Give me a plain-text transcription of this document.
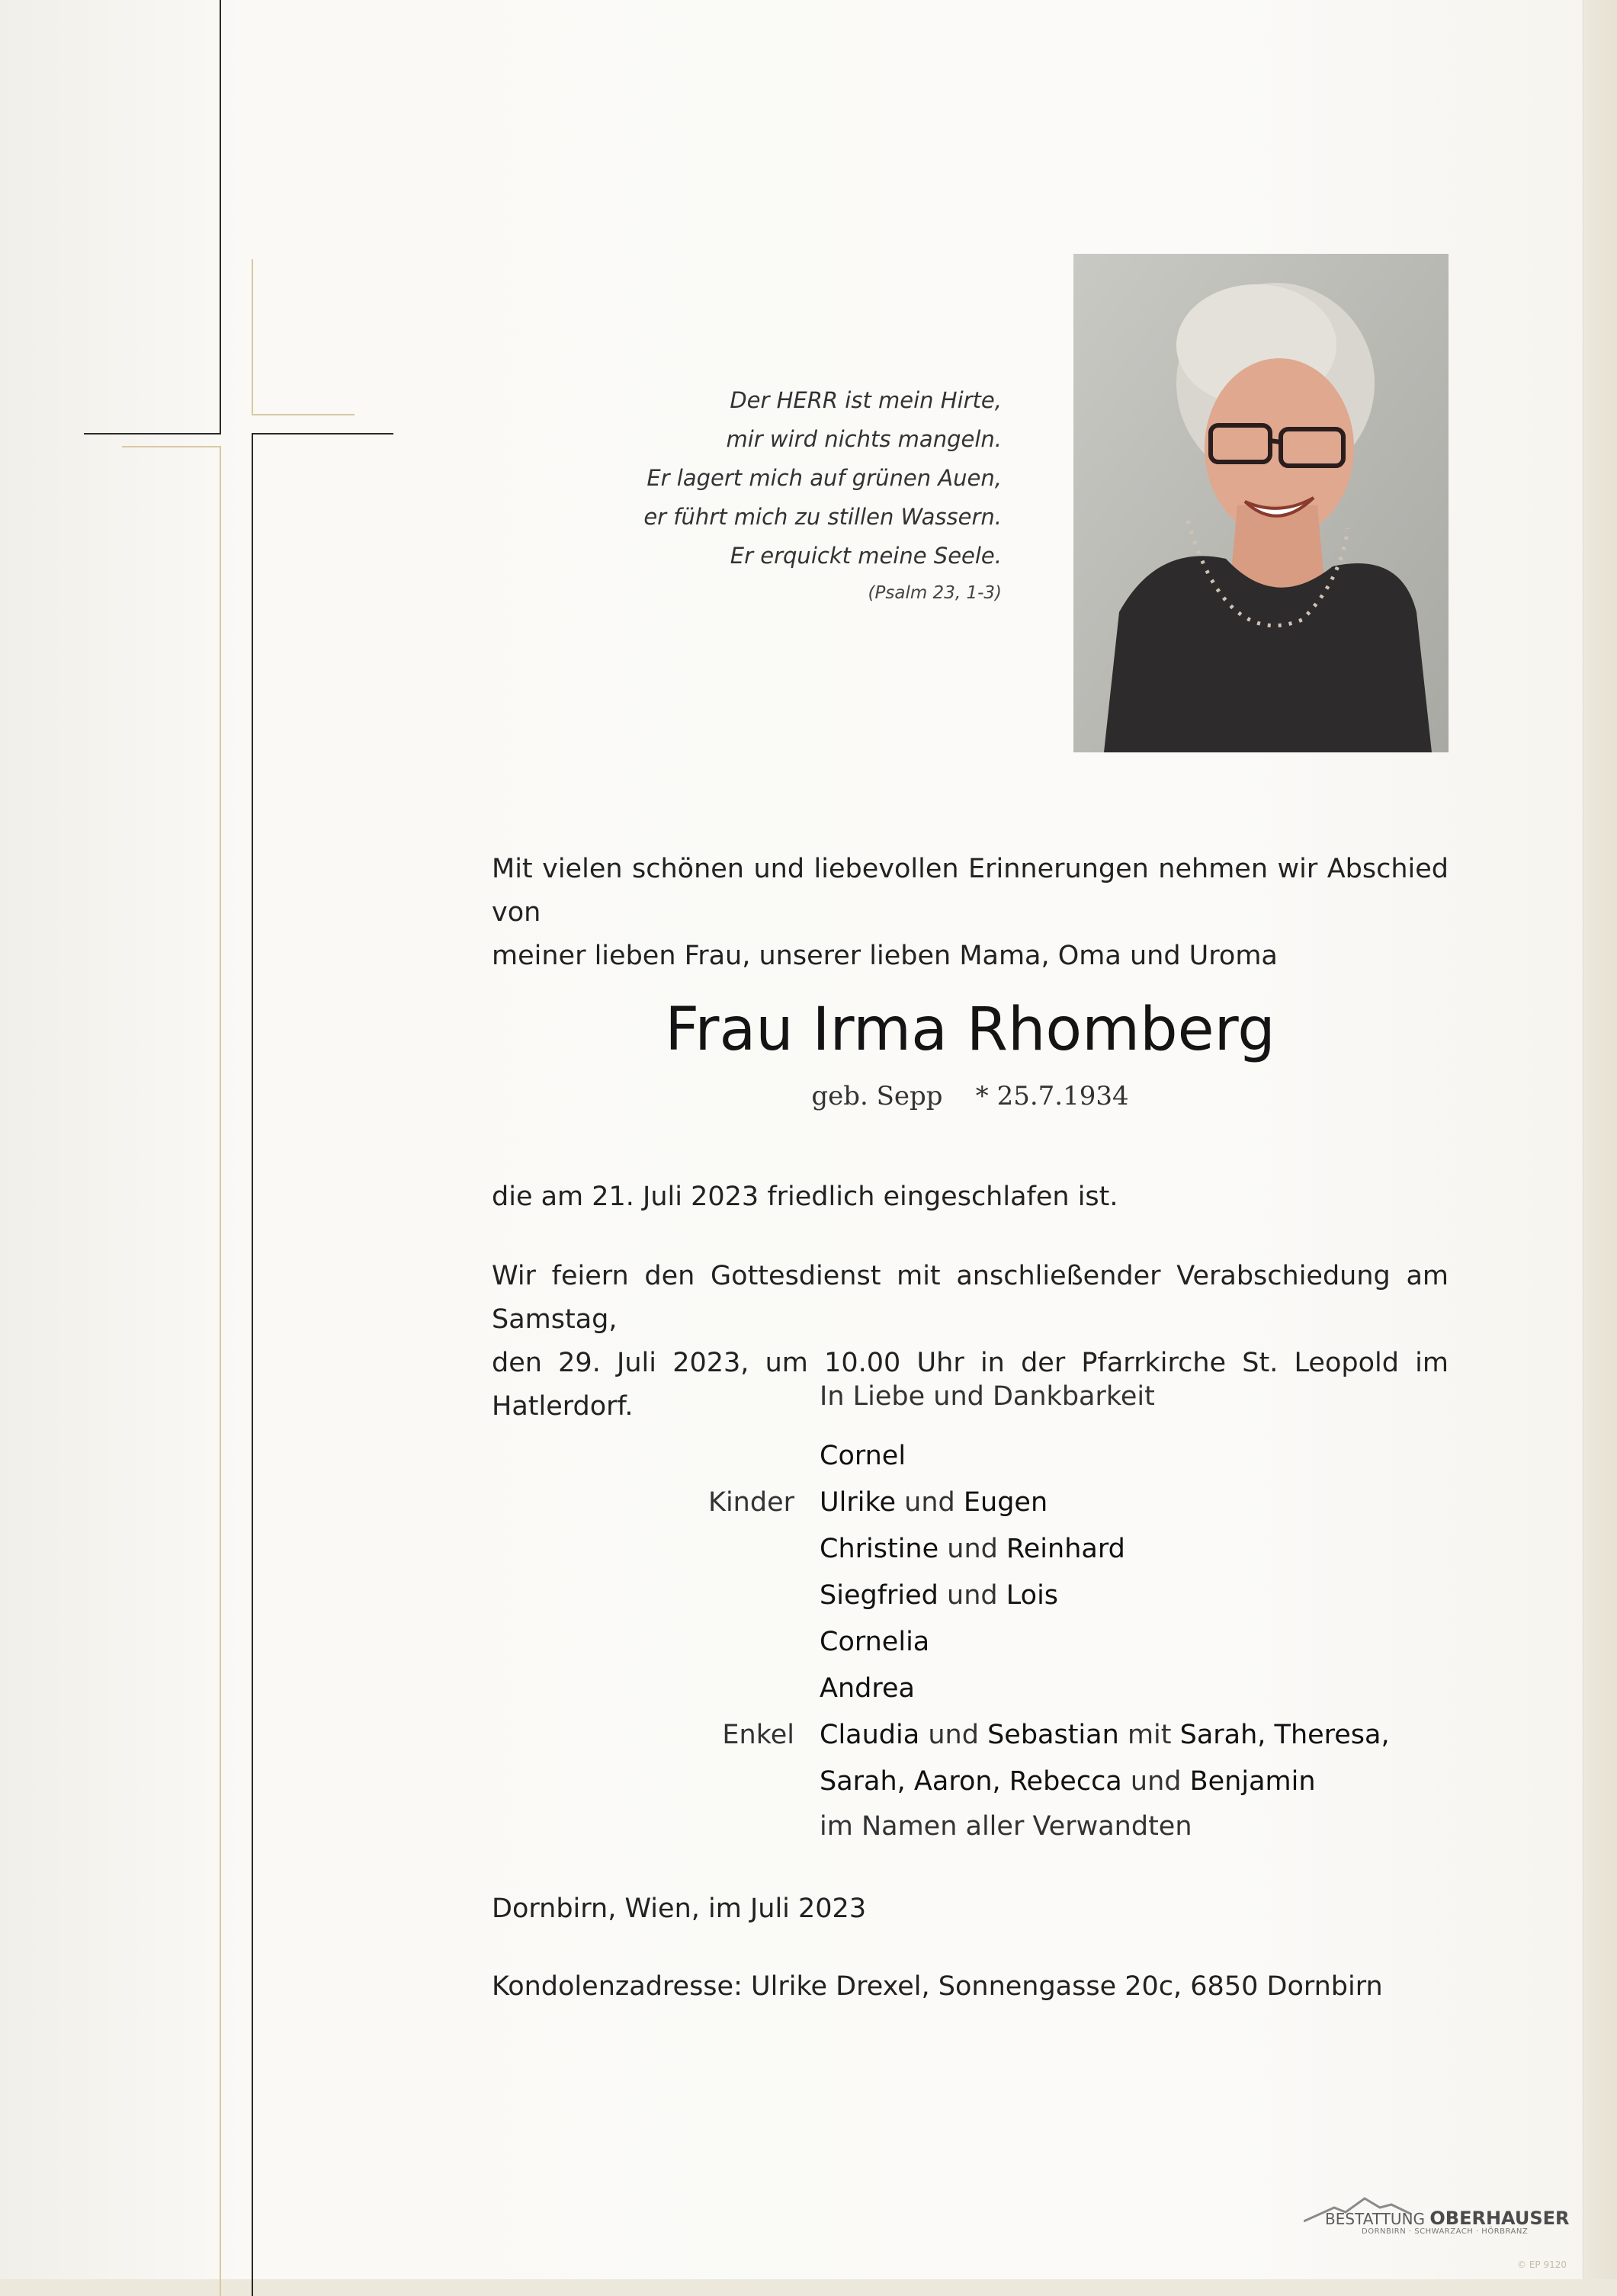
Der HERR ist mein Hirte,
mir wird nichts mangeln.
Er lagert mich auf grünen Auen,
er führt mich zu stillen Wassern.
Er erquickt meine Seele.
(Psalm 23, 1-3)
Mit vielen schönen und liebevollen Erinnerungen nehmen wir Abschied von
meiner lieben Frau, unserer lieben Mama, Oma und Uroma
Frau Irma Rhomberg
geb. Sepp    * 25.7.1934
die am 21. Juli 2023 friedlich eingeschlafen ist.
Wir feiern den Gottesdienst mit anschließender Verabschiedung am Samstag,
den 29. Juli 2023, um 10.00 Uhr in der Pfarrkirche St. Leopold im Hatlerdorf.	In Liebe und Dankbarkeit
Cornel
Kinder Ulrike und Eugen
Christine und Reinhard
Siegfried und Lois
Cornelia
Andrea
Enkel Claudia und Sebastian mit Sarah, Theresa,
Sarah, Aaron, Rebecca und Benjamin
im Namen aller Verwandten
Dornbirn, Wien, im Juli 2023
Kondolenzadresse: Ulrike Drexel, Sonnengasse 20c, 6850 Dornbirn
BESTATTUNG OBERHAUSER
DORNBIRN · SCHWARZACH · HÖRBRANZ
© EP 9120
